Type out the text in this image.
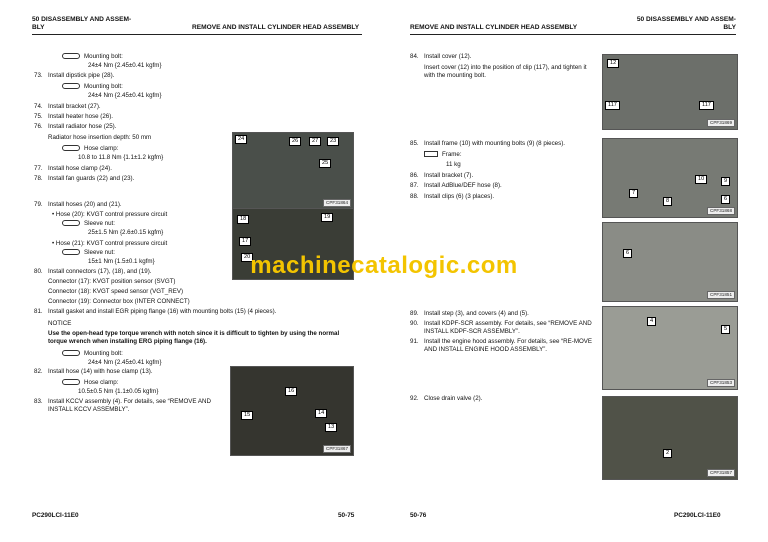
50 DISASSEMBLY AND ASSEM-
BLY	REMOVE AND INSTALL CYLINDER HEAD ASSEMBLY
Mounting bolt:
24±4 Nm {2.45±0.41 kgfm}
73. Install dipstick pipe (28).
Mounting bolt:
24±4 Nm {2.45±0.41 kgfm}
74. Install bracket (27).
75. Install heater hose (26).
76. Install radiator hose (25).
Radiator hose insertion depth: 50 mm
Hose clamp:
10.8 to 11.8 Nm {1.1±1.2 kgfm}
77. Install hose clamp (24).
78. Install fan guards (22) and (23).
24	26	27	23
25
CPF31864
79. Install hoses (20) and (21).
• Hose (20): KVGT control pressure circuit
Sleeve nut:
25±1.5 Nm {2.6±0.15 kgfm}
• Hose (21): KVGT control pressure circuit
Sleeve nut:
15±1 Nm {1.5±0.1 kgfm}
80. Install connectors (17), (18), and (19).
Connector (17): KVGT position sensor (SVGT)
Connector (18): KVGT speed sensor (VGT_REV)
Connector (19): Connector box (INTER CONNECT)
18	19
17
20
81. Install gasket and install EGR piping flange (16) with mounting bolts (15) (4 pieces).
NOTICE
Use the open-head type torque wrench with notch since it is difficult to tighten by using the normal torque wrench when installing ERG piping flange (16).
Mounting bolt:
24±4 Nm {2.45±0.41 kgfm}
82. Install hose (14) with hose clamp (13).
Hose clamp:
10.5±0.5 Nm {1.1±0.05 kgfm}
83. Install KCCV assembly (4). For details, see “REMOVE AND INSTALL KCCV ASSEMBLY”.
16
15	14
13
CPF31867
PC290LCI-11E0	50-75
REMOVE AND INSTALL CYLINDER HEAD ASSEMBLY
50 DISASSEMBLY AND ASSEM-
BLY
84. Install cover (12).
Insert cover (12) into the position of clip (117), and tighten it with the mounting bolt.
12
117	117
CPF31869
85. Install frame (10) with mounting bolts (9) (8 pieces).
Frame:
11 kg
86. Install bracket (7).
87. Install AdBlue/DEF hose (8).
88. Install clips (6) (3 places).
10
7
9
6
8
CPF31868
6
CPF31851
89. Install step (3), and covers (4) and (5).
90. Install KDPF-SCR assembly. For details, see “REMOVE AND INSTALL KDPF-SCR ASSEMBLY”.
91. Install the engine hood assembly. For details, see “RE-MOVE AND INSTALL ENGINE HOOD ASSEMBLY”.
4
5
CPF31853
92. Close drain valve (2).
2
CPF31857
50-76	PC290LCI-11E0
machinecatalogic.com
